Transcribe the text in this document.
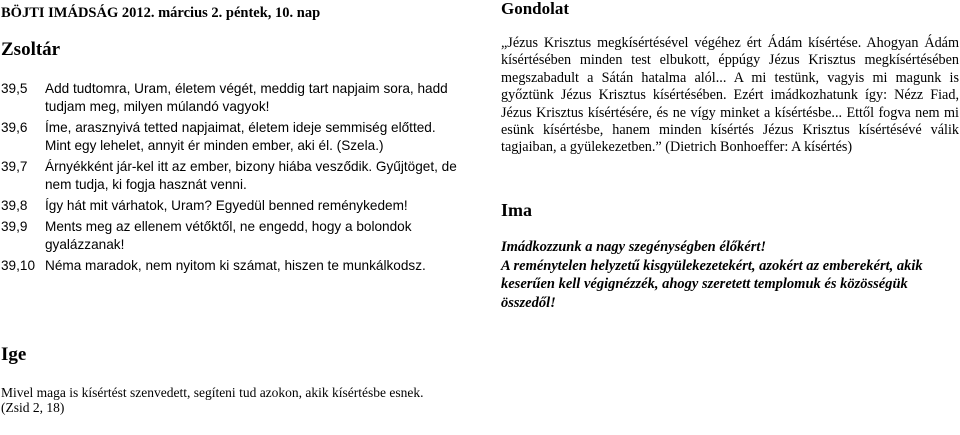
BÖJTI IMÁDSÁG 2012. március 2. péntek, 10. nap
Zsoltár
39,5	Add tudtomra, Uram, életem végét, meddig tart napjaim sora, hadd tudjam meg, milyen múlandó vagyok!
39,6	Íme, arasznyivá tetted napjaimat, életem ideje semmiség előtted. Mint egy lehelet, annyit ér minden ember, aki él. (Szela.)
39,7	Árnyékként jár-kel itt az ember, bizony hiába vesződik. Gyűjtöget, de nem tudja, ki fogja hasznát venni.
39,8	Így hát mit várhatok, Uram? Egyedül benned reménykedem!
39,9	Ments meg az ellenem vétőktől, ne engedd, hogy a bolondok gyalázzanak!
39,10 Néma maradok, nem nyitom ki számat, hiszen te munkálkodsz.
Ige
Mivel maga is kísértést szenvedett, segíteni tud azokon, akik kísértésbe esnek.
(Zsid 2, 18)
Gondolat
„Jézus Krisztus megkísértésével végéhez ért Ádám kísértése. Ahogyan Ádám kísértésében minden test elbukott, éppúgy Jézus Krisztus megkísértésében megszabadult a Sátán hatalma alól... A mi testünk, vagyis mi magunk is győztünk Jézus Krisztus kísértésében. Ezért imádkozhatunk így: Nézz Fiad, Jézus Krisztus kísértésére, és ne vígy minket a kísértésbe... Ettől fogva nem mi esünk kísértésbe, hanem minden kísértés Jézus Krisztus kísértésévé válik tagjaiban, a gyülekezetben.” (Dietrich Bonhoeffer: A kísértés)
Ima

Imádkozzunk a nagy szegénységben élőkért!

A reménytelen helyzetű kisgyülekezetekért, azokért az emberekért, akik keserűen kell végignézzék, ahogy szeretett templomuk és közösségük összedől!
